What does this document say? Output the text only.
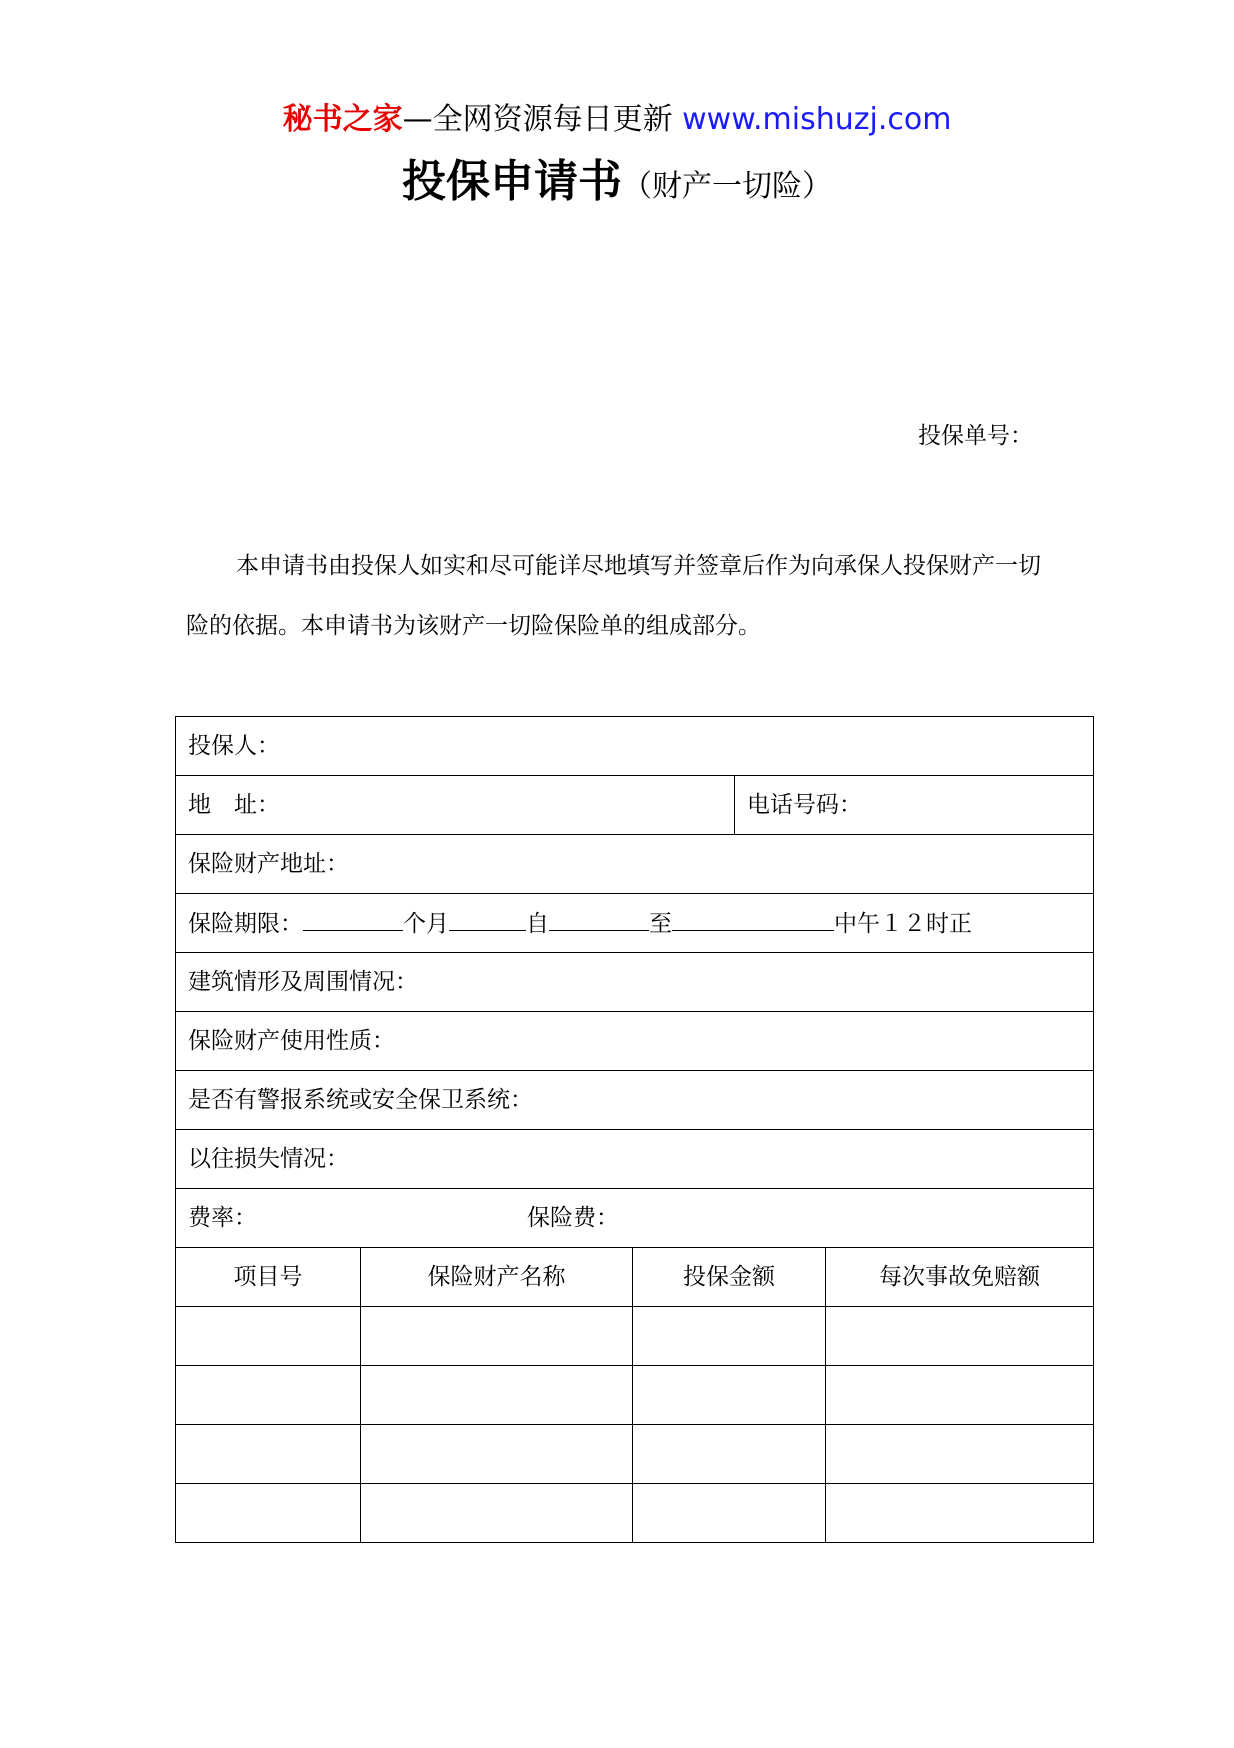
秘书之家—全网资源每日更新 www.mishuzj.com
投保申请书（财产一切险）
投保单号：

本申请书由投保人如实和尽可能详尽地填写并签章后作为向承保人投保财产一切险的依据。本申请书为该财产一切险保险单的组成部分。

投保人：				
地　址：			电话号码：	
保险财产地址：				
保险期限： 个月 自 至 中午１２时正				
建筑情形及周围情况：				
保险财产使用性质：				
是否有警报系统或安全保卫系统：				
以往损失情况：				
费率： 保险费：				
项目号	保险财产名称	投保金额		每次事故免赔额
